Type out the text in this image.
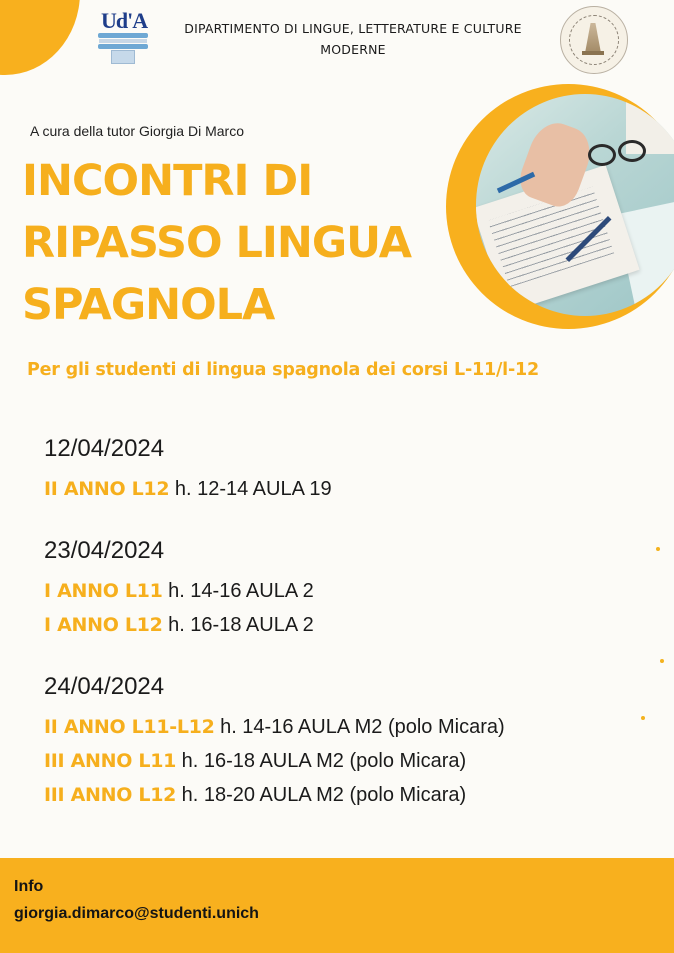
Ud'A	DIPARTIMENTO DI LINGUE, LETTERATURE E CULTURE MODERNE
A cura della tutor Giorgia Di Marco
INCONTRI DI
RIPASSO LINGUA
SPAGNOLA
Per gli studenti di lingua spagnola dei corsi L-11/l-12
12/04/2024
II ANNO L12 h. 12-14 AULA 19
23/04/2024
I ANNO L11 h. 14-16 AULA 2
I ANNO L12 h. 16-18 AULA 2
24/04/2024
II ANNO L11-L12 h. 14-16 AULA M2 (polo Micara)
III ANNO L11 h. 16-18 AULA M2 (polo Micara)
III ANNO L12 h. 18-20 AULA M2 (polo Micara)
Info
giorgia.dimarco@studenti.unich
